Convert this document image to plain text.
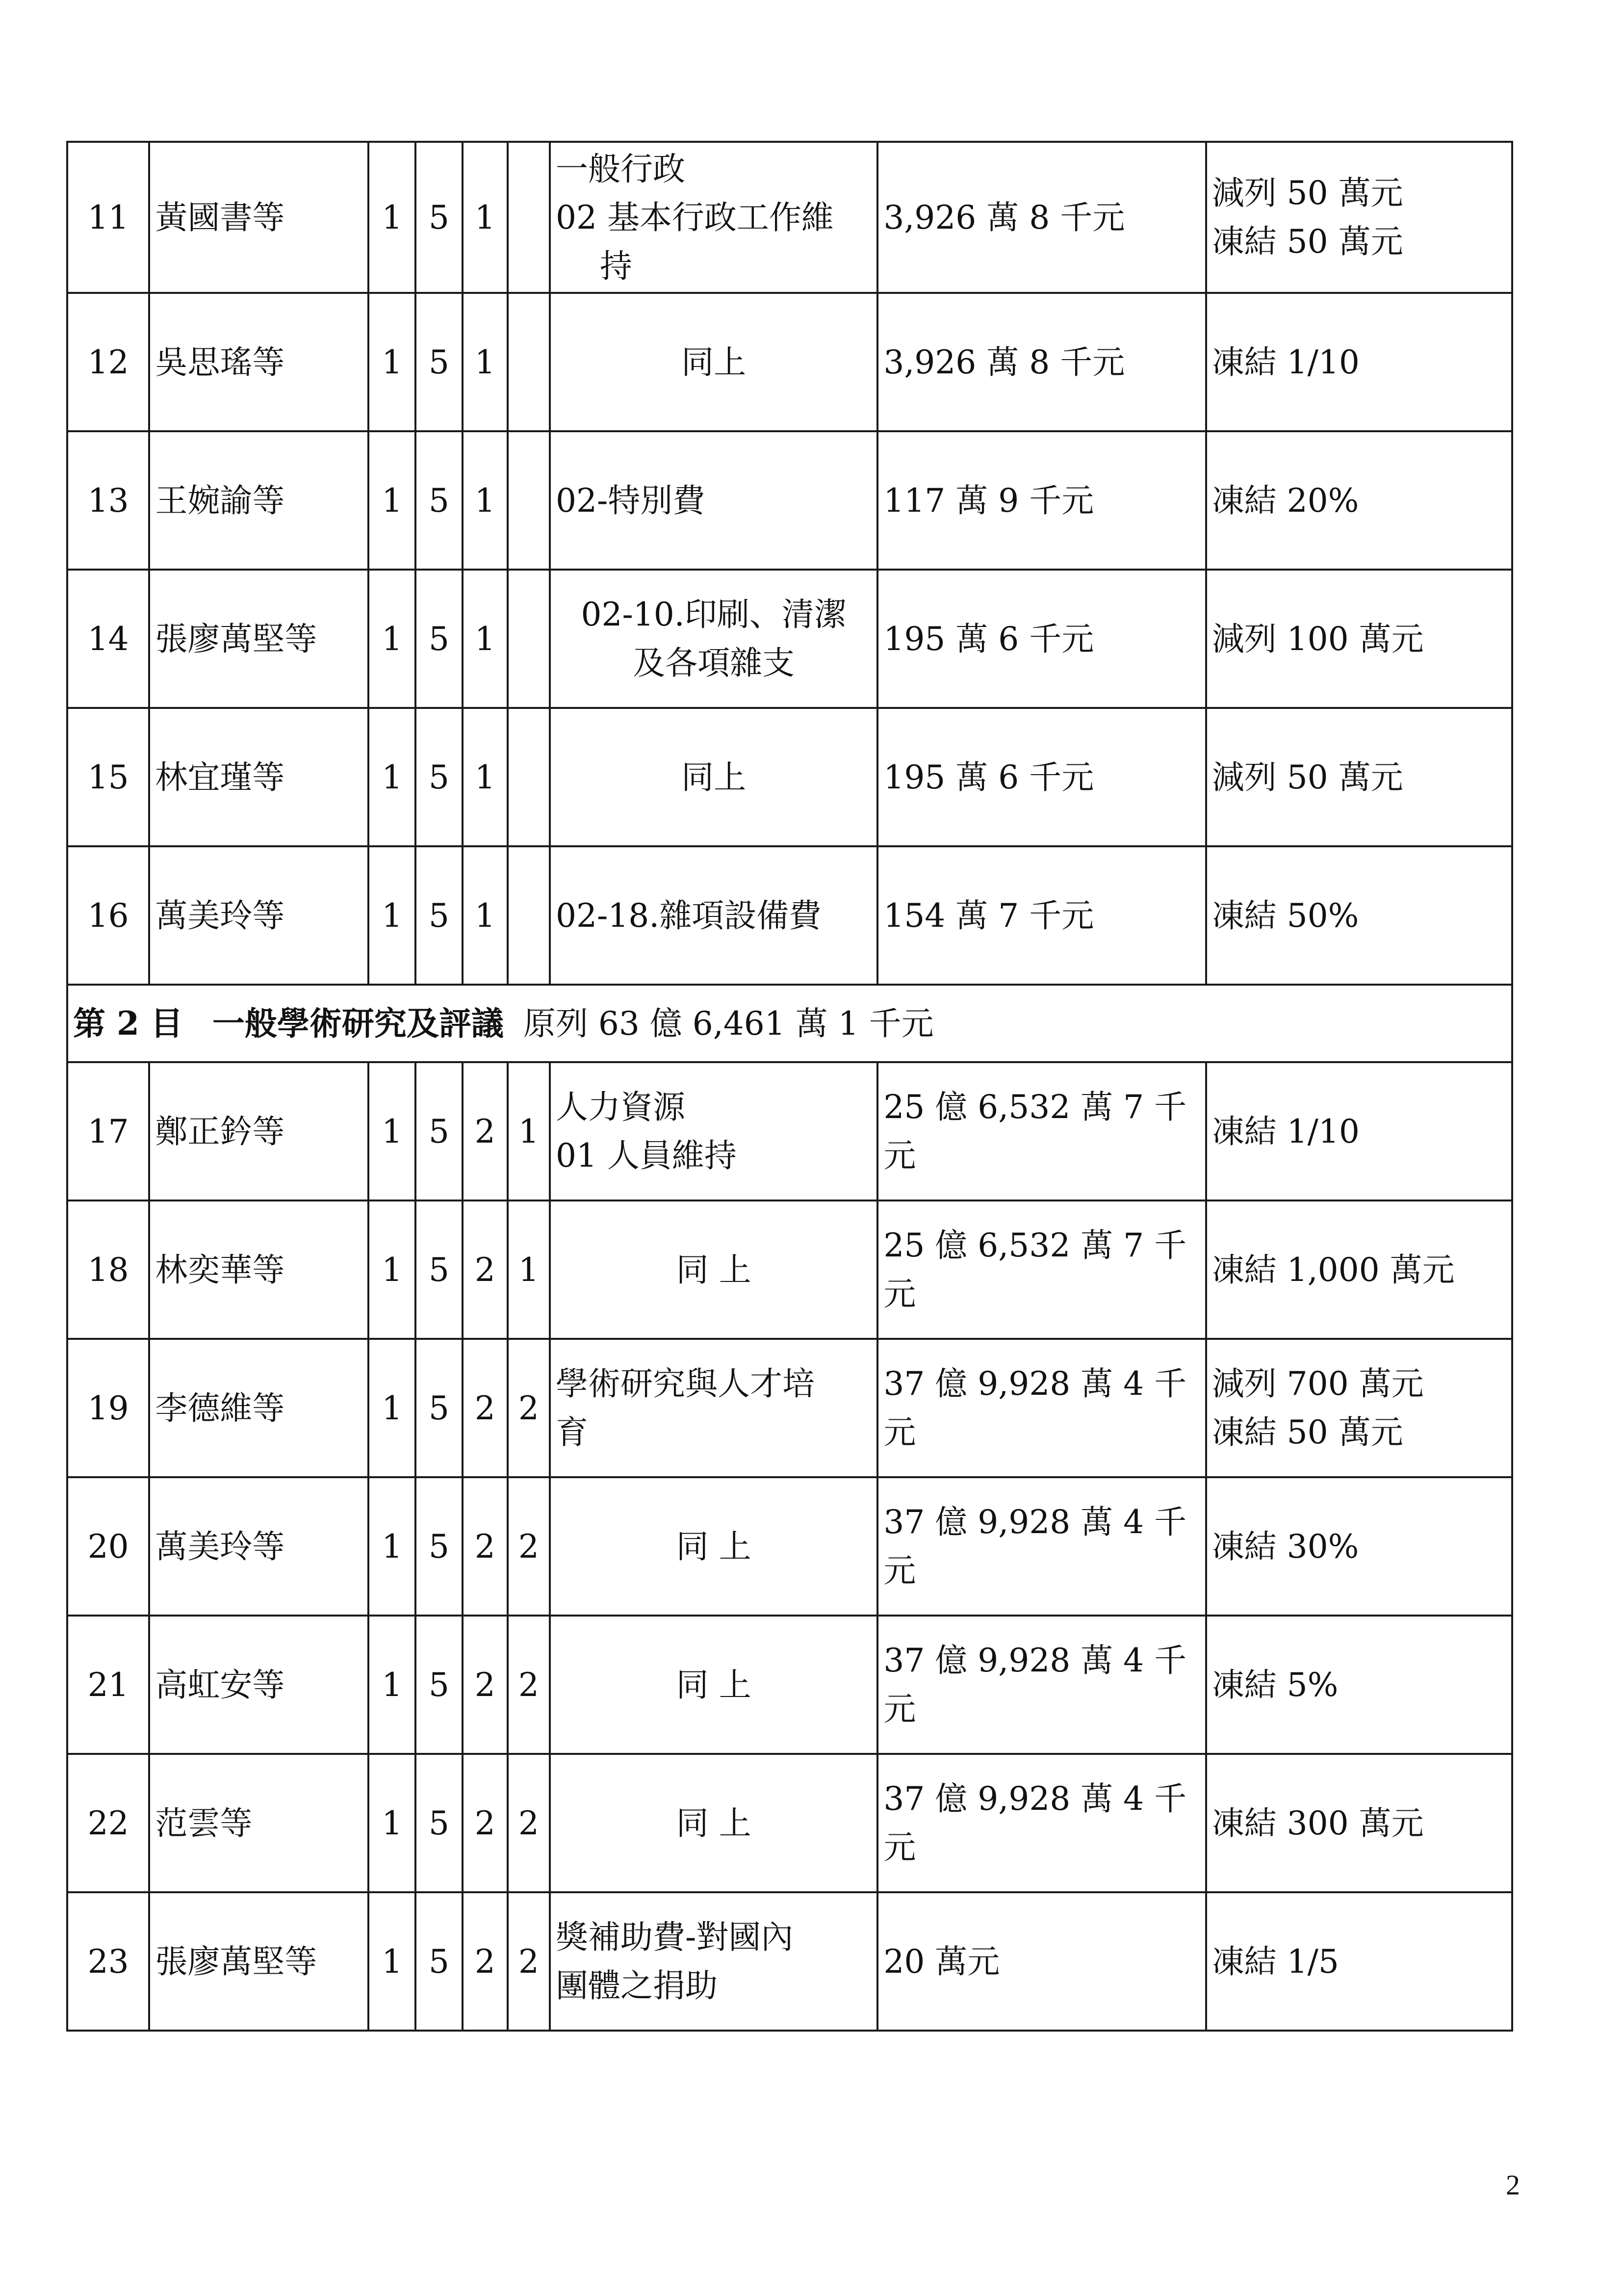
11	黃國書等	1	5	1		一般行政
02 基本行政工作維
持	3,926 萬 8 千元	減列 50 萬元
凍結 50 萬元

12	吳思瑤等	1	5	1		同上	3,926 萬 8 千元	凍結 1/10

13	王婉諭等	1	5	1		02-特別費	117 萬 9 千元	凍結 20%

14	張廖萬堅等	1	5	1		02-10.印刷、清潔
及各項雜支	195 萬 6 千元	減列 100 萬元

15	林宜瑾等	1	5	1		同上	195 萬 6 千元	減列 50 萬元

16	萬美玲等	1	5	1		02-18.雜項設備費	154 萬 7 千元	凍結 50%

第 2 目 一般學術研究及評議 原列 63 億 6,461 萬 1 千元								
17	鄭正鈐等	1	5	2	1	人力資源
01 人員維持	25 億 6,532 萬 7 千
元	凍結 1/10

18	林奕華等	1	5	2	1	同 上	25 億 6,532 萬 7 千
元	凍結 1,000 萬元

19	李德維等	1	5	2	2	學術研究與人才培
育	37 億 9,928 萬 4 千
元	減列 700 萬元
凍結 50 萬元

20	萬美玲等	1	5	2	2	同 上	37 億 9,928 萬 4 千
元	凍結 30%

21	高虹安等	1	5	2	2	同 上	37 億 9,928 萬 4 千
元	凍結 5%

22	范雲等	1	5	2	2	同 上	37 億 9,928 萬 4 千
元	凍結 300 萬元

23	張廖萬堅等	1	5	2	2	獎補助費-對國內
團體之捐助	20 萬元	凍結 1/5
2
